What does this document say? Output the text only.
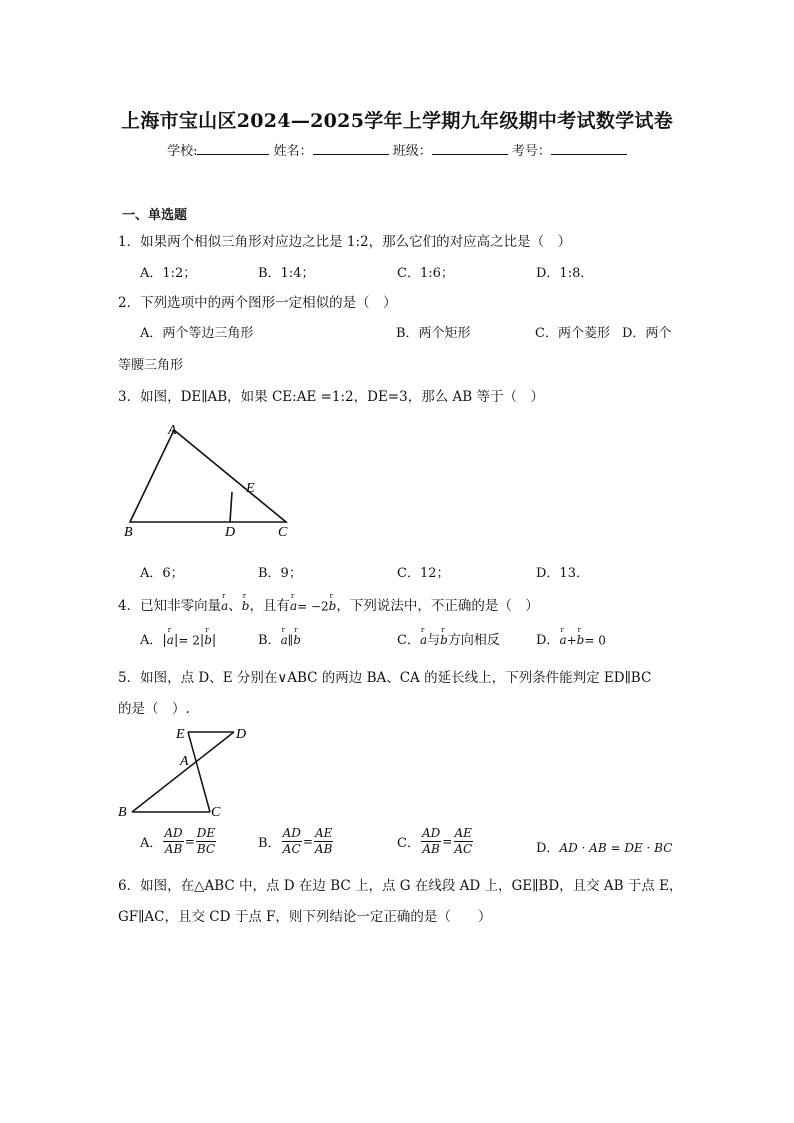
上海市宝山区2024—2025学年上学期九年级期中考试数学试卷
学校:	姓名：	班级：	考号：
一、单选题
1．如果两个相似三角形对应边之比是 1:2，那么它们的对应高之比是（　）
A．1:2；	B．1:4；	C．1:6；	D．1:8．
2．下列选项中的两个图形一定相似的是（　）
A．两个等边三角形	B．两个矩形	C．两个菱形 D．两个
等腰三角形
3．如图，DE∥AB，如果 CE:AE =1:2，DE=3，那么 AB 等于（　）
A
B	C
D
E
A．6；	B．9；	C．12；	D．13．
4．已知非零向量r a、r b，且有r a= −2r b，下列说法中，不正确的是（　）
A．|r a|= 2|r b|	B．r a∥r b	C．r a与r b方向相反	D．r a+r b= 0
5．如图，点 D、E 分别在∨ABC 的两边 BA、CA 的延长线上，下列条件能判定 ED∥BC
的是（　）.
E	D
A
B	C
A． $\frac{AD}{AB} = \frac{DE}{BC}$	B． $\frac{AD}{AC} = \frac{AE}{AB}$	C． $\frac{AD}{AB} = \frac{AE}{AC}$	D．AD · AB = DE · BC
6．如图，在△ABC 中，点 D 在边 BC 上，点 G 在线段 AD 上，GE∥BD，且交 AB 于点 E，
GF∥AC，且交 CD 于点 F，则下列结论一定正确的是（　　）
